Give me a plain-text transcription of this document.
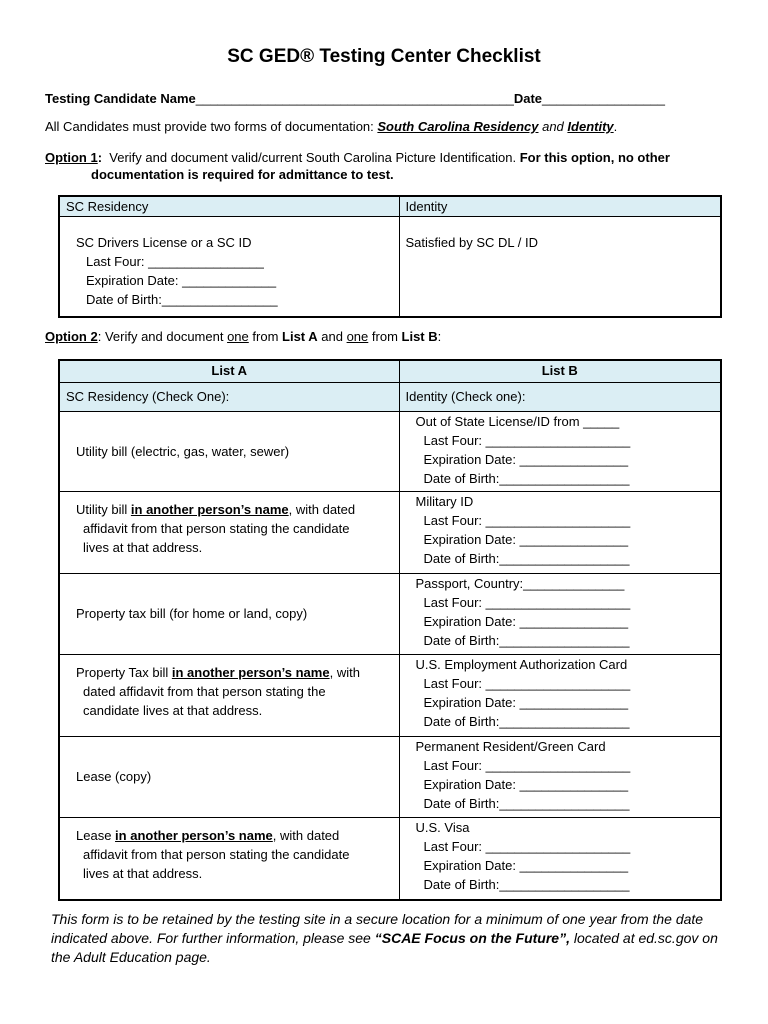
SC GED® Testing Center Checklist
Testing Candidate Name____________________________________________Date_________________
All Candidates must provide two forms of documentation: South Carolina Residency and Identity.
Option 1:  Verify and document valid/current South Carolina Picture Identification. For this option, no other
documentation is required for admittance to test.
SC Residency	Identity
SC Drivers License or a SC ID
Last Four: ________________
Expiration Date: _____________
Date of Birth:________________	Satisfied by SC DL / ID
Option 2: Verify and document one from List A and one from List B:
List A	List B
SC Residency (Check One):	Identity (Check one):
Utility bill (electric, gas, water, sewer)	Out of State License/ID from _____
Last Four: ____________________
Expiration Date: _______________
Date of Birth:__________________

Utility bill in another person’s name, with dated
affidavit from that person stating the candidate
lives at that address.	Military ID
Last Four: ____________________
Expiration Date: _______________
Date of Birth:__________________

Property tax bill (for home or land, copy)	Passport, Country:______________
Last Four: ____________________
Expiration Date: _______________
Date of Birth:__________________

Property Tax bill in another person’s name, with
dated affidavit from that person stating the
candidate lives at that address.	U.S. Employment Authorization Card
Last Four: ____________________
Expiration Date: _______________
Date of Birth:__________________

Lease (copy)	Permanent Resident/Green Card
Last Four: ____________________
Expiration Date: _______________
Date of Birth:__________________

Lease in another person’s name, with dated
affidavit from that person stating the candidate
lives at that address.	U.S. Visa
Last Four: ____________________
Expiration Date: _______________
Date of Birth:__________________
This form is to be retained by the testing site in a secure location for a minimum of one year from the date indicated above. For further information, please see “SCAE Focus on the Future”, located at ed.sc.gov on the Adult Education page.
